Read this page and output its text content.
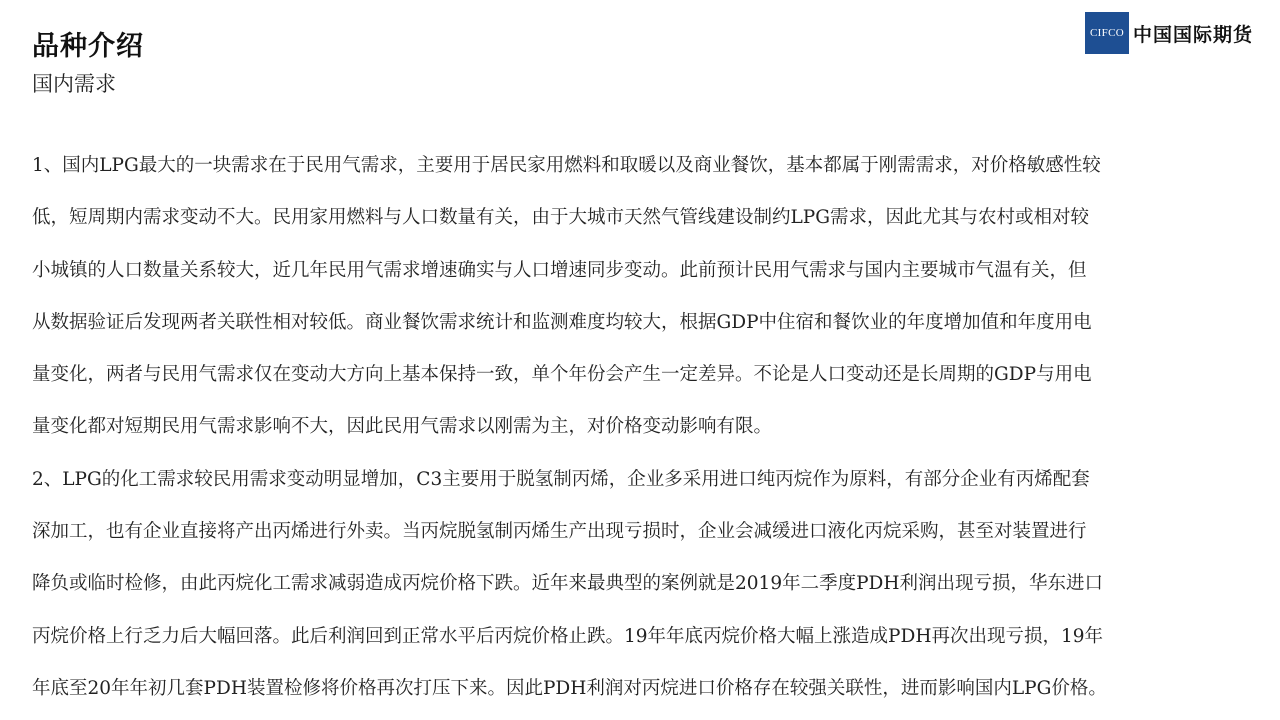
品种介绍
国内需求
CIFCO 中国国际期货
1、国内LPG最大的一块需求在于民用气需求，主要用于居民家用燃料和取暖以及商业餐饮，基本都属于刚需需求，对价格敏感性较
低，短周期内需求变动不大。民用家用燃料与人口数量有关，由于大城市天然气管线建设制约LPG需求，因此尤其与农村或相对较
小城镇的人口数量关系较大，近几年民用气需求增速确实与人口增速同步变动。此前预计民用气需求与国内主要城市气温有关，但
从数据验证后发现两者关联性相对较低。商业餐饮需求统计和监测难度均较大，根据GDP中住宿和餐饮业的年度增加值和年度用电
量变化，两者与民用气需求仅在变动大方向上基本保持一致，单个年份会产生一定差异。不论是人口变动还是长周期的GDP与用电
量变化都对短期民用气需求影响不大，因此民用气需求以刚需为主，对价格变动影响有限。
2、LPG的化工需求较民用需求变动明显增加，C3主要用于脱氢制丙烯，企业多采用进口纯丙烷作为原料，有部分企业有丙烯配套
深加工，也有企业直接将产出丙烯进行外卖。当丙烷脱氢制丙烯生产出现亏损时，企业会减缓进口液化丙烷采购，甚至对装置进行
降负或临时检修，由此丙烷化工需求减弱造成丙烷价格下跌。近年来最典型的案例就是2019年二季度PDH利润出现亏损，华东进口
丙烷价格上行乏力后大幅回落。此后利润回到正常水平后丙烷价格止跌。19年年底丙烷价格大幅上涨造成PDH再次出现亏损，19年
年底至20年年初几套PDH装置检修将价格再次打压下来。因此PDH利润对丙烷进口价格存在较强关联性，进而影响国内LPG价格。
